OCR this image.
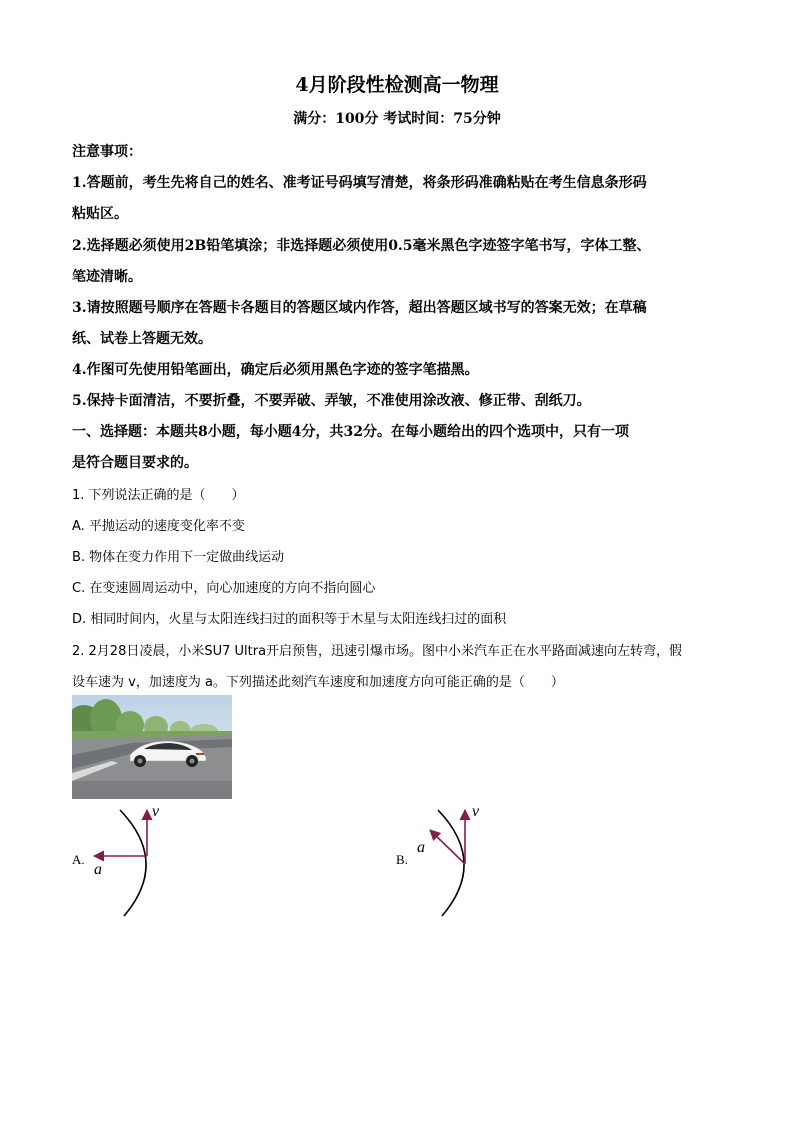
4月阶段性检测高一物理
满分：100分 考试时间：75分钟
注意事项：
1.答题前，考生先将自己的姓名、准考证号码填写清楚，将条形码准确粘贴在考生信息条形码
粘贴区。
2.选择题必须使用2B铅笔填涂；非选择题必须使用0.5毫米黑色字迹签字笔书写，字体工整、
笔迹清晰。
3.请按照题号顺序在答题卡各题目的答题区域内作答，超出答题区域书写的答案无效；在草稿
纸、试卷上答题无效。
4.作图可先使用铅笔画出，确定后必须用黑色字迹的签字笔描黑。
5.保持卡面清洁，不要折叠，不要弄破、弄皱，不准使用涂改液、修正带、刮纸刀。
一、选择题：本题共8小题，每小题4分，共32分。在每小题给出的四个选项中，只有一项
是符合题目要求的。
1. 下列说法正确的是（　　）
A. 平抛运动的速度变化率不变
B. 物体在变力作用下一定做曲线运动
C. 在变速圆周运动中，向心加速度的方向不指向圆心
D. 相同时间内，火星与太阳连线扫过的面积等于木星与太阳连线扫过的面积
2. 2月28日凌晨，小米SU7 Ultra开启预售，迅速引爆市场。图中小米汽车正在水平路面减速向左转弯，假
设车速为 v，加速度为 a。下列描述此刻汽车速度和加速度方向可能正确的是（　　）
A.
v
a
B.
v
a
